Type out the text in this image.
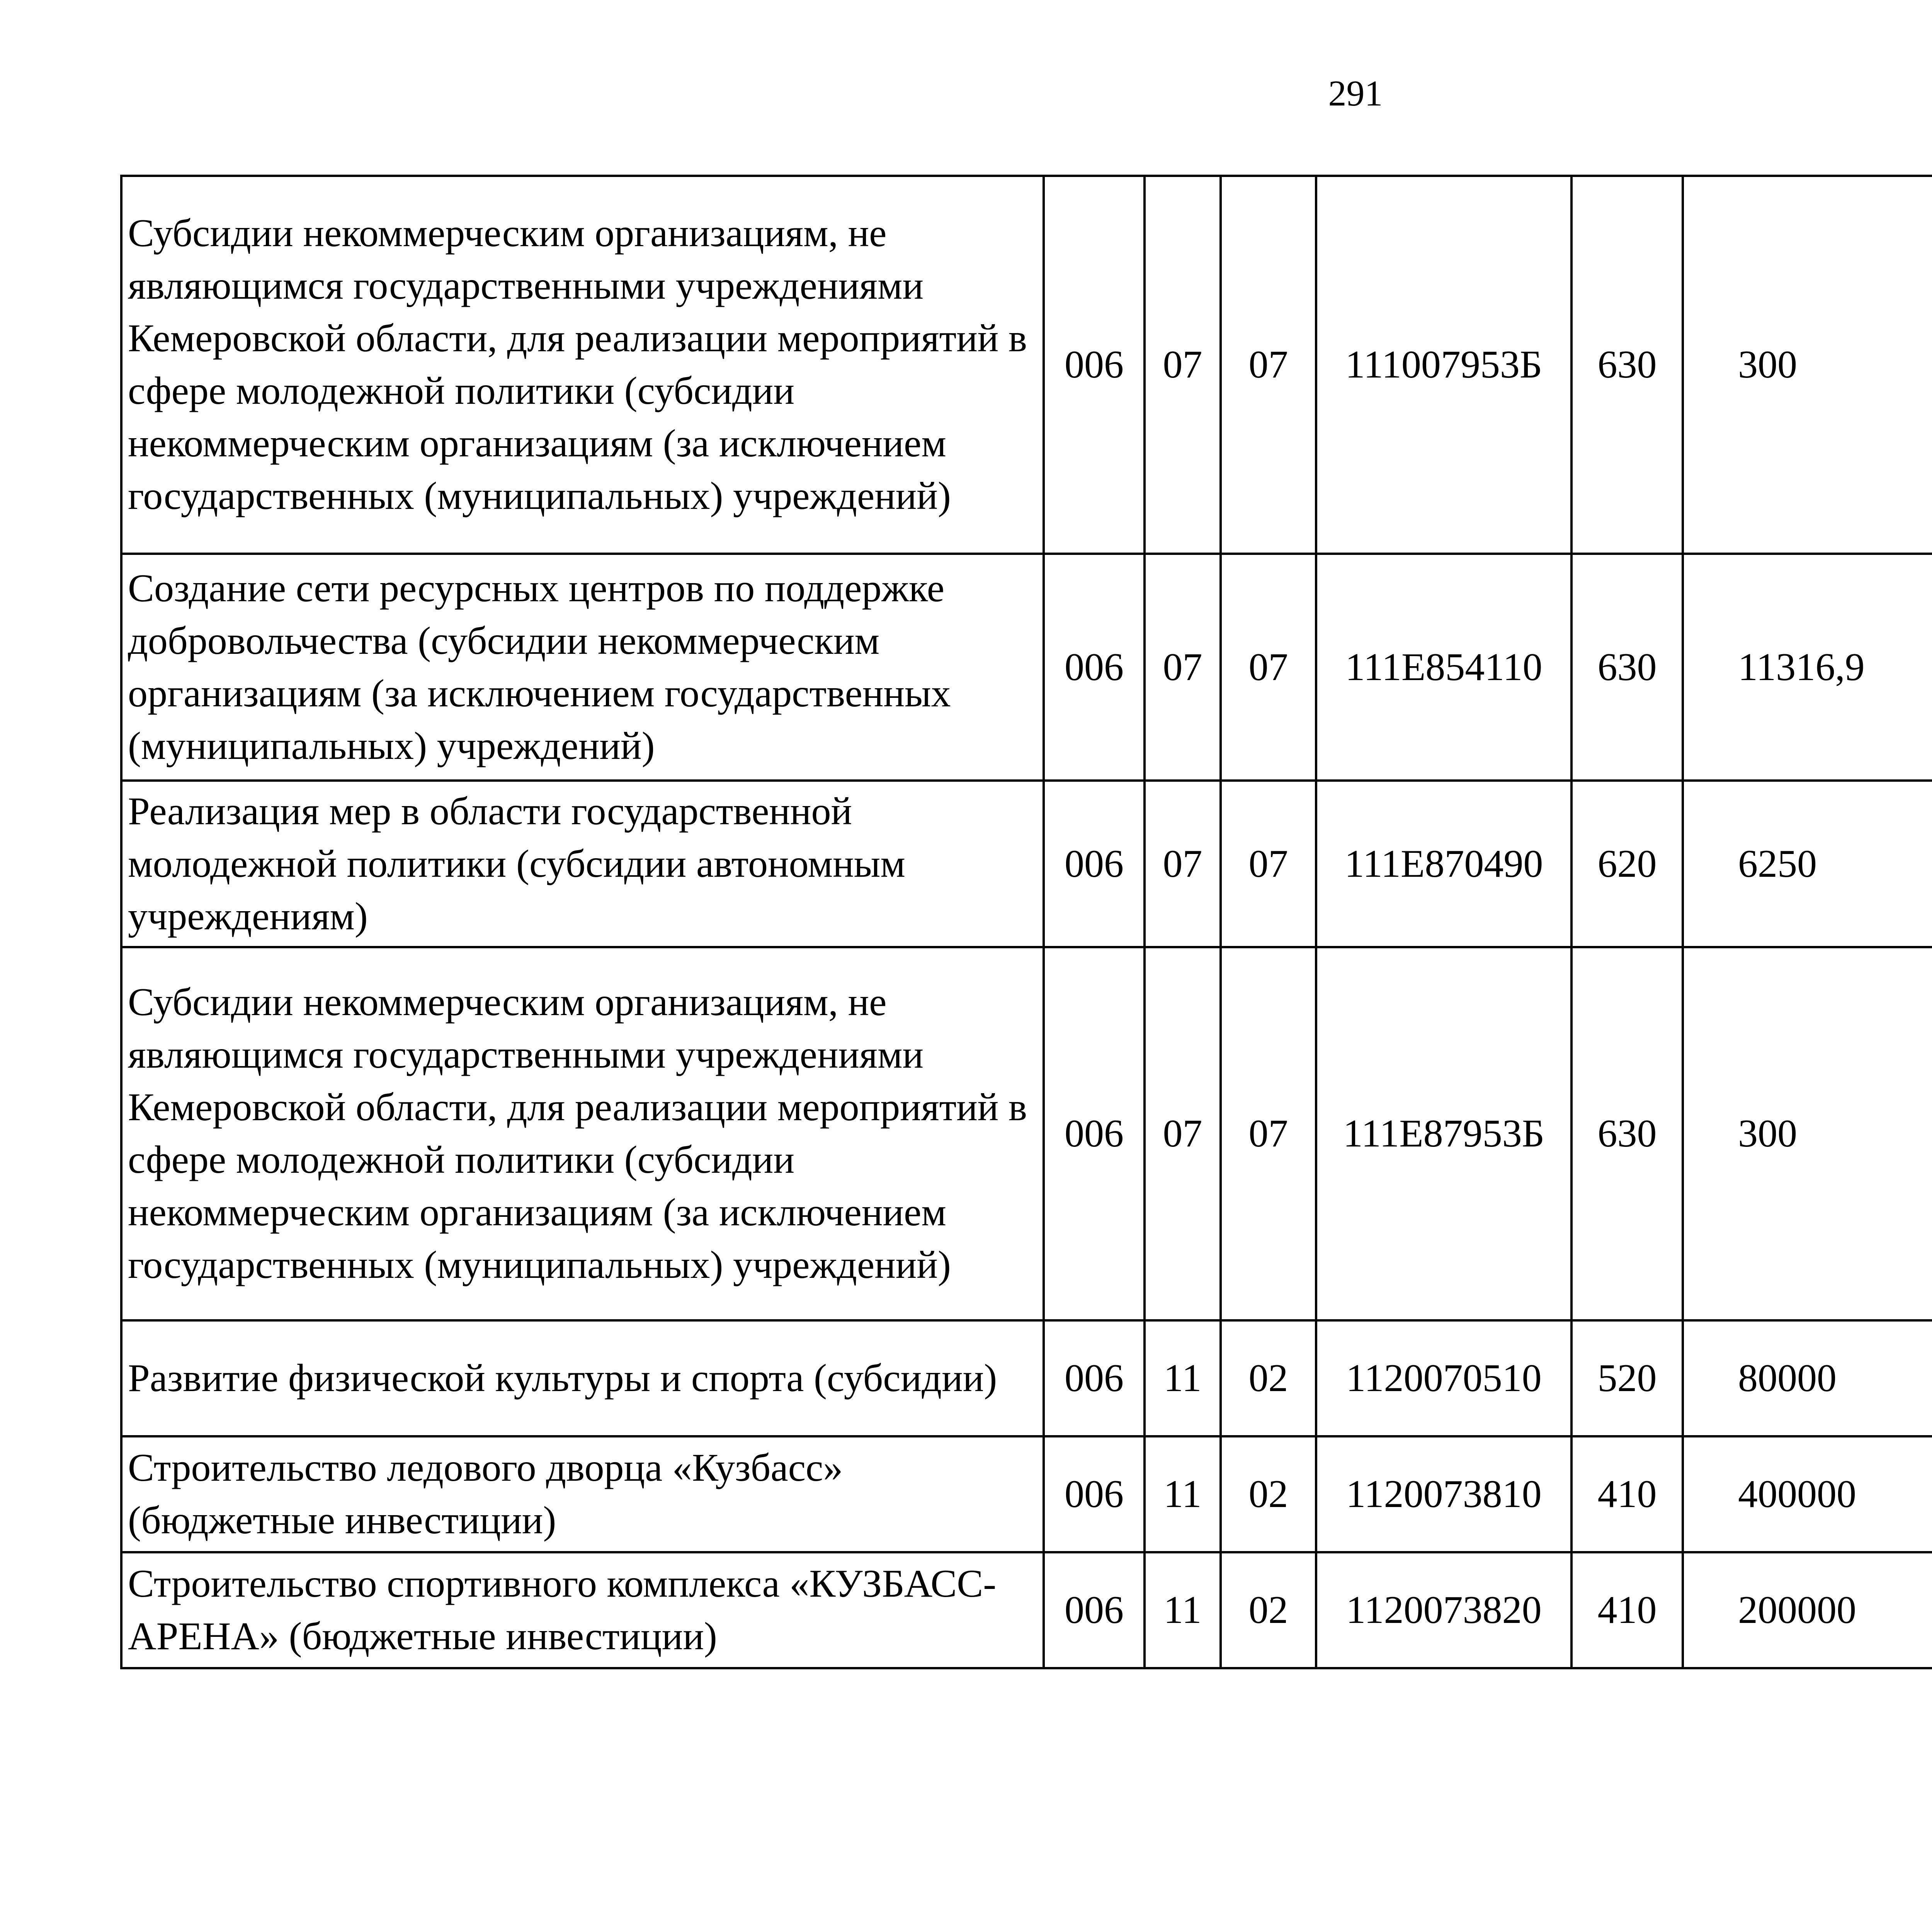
291
Субсидии некоммерческим организациям, не являющимся государственными учреждениями Кемеровской области, для реализации мероприятий в сфере молодежной политики (субсидии некоммерческим организациям (за исключением государственных (муниципальных) учреждений)	006	07	07	111007953Б	630	300		
Создание сети ресурсных центров по поддержке добровольчества (субсидии некоммерческим организациям (за исключением государственных (муниципальных) учреждений)	006	07	07	111E854110	630	11316,9		
Реализация мер в области государственной молодежной политики (субсидии автономным учреждениям)	006	07	07	111E870490	620	6250		
Субсидии некоммерческим организациям, не являющимся государственными учреждениями Кемеровской области, для реализации мероприятий в сфере молодежной политики (субсидии некоммерческим организациям (за исключением государственных (муниципальных) учреждений)	006	07	07	111E87953Б	630	300		
Развитие физической культуры и спорта (субсидии)	006	11	02	1120070510	520	80000		
Строительство ледового дворца «Кузбасс» (бюджетные инвестиции)	006	11	02	1120073810	410	400000		
Строительство спортивного комплекса «КУЗБАСС-АРЕНА» (бюджетные инвестиции)	006	11	02	1120073820	410	200000		
